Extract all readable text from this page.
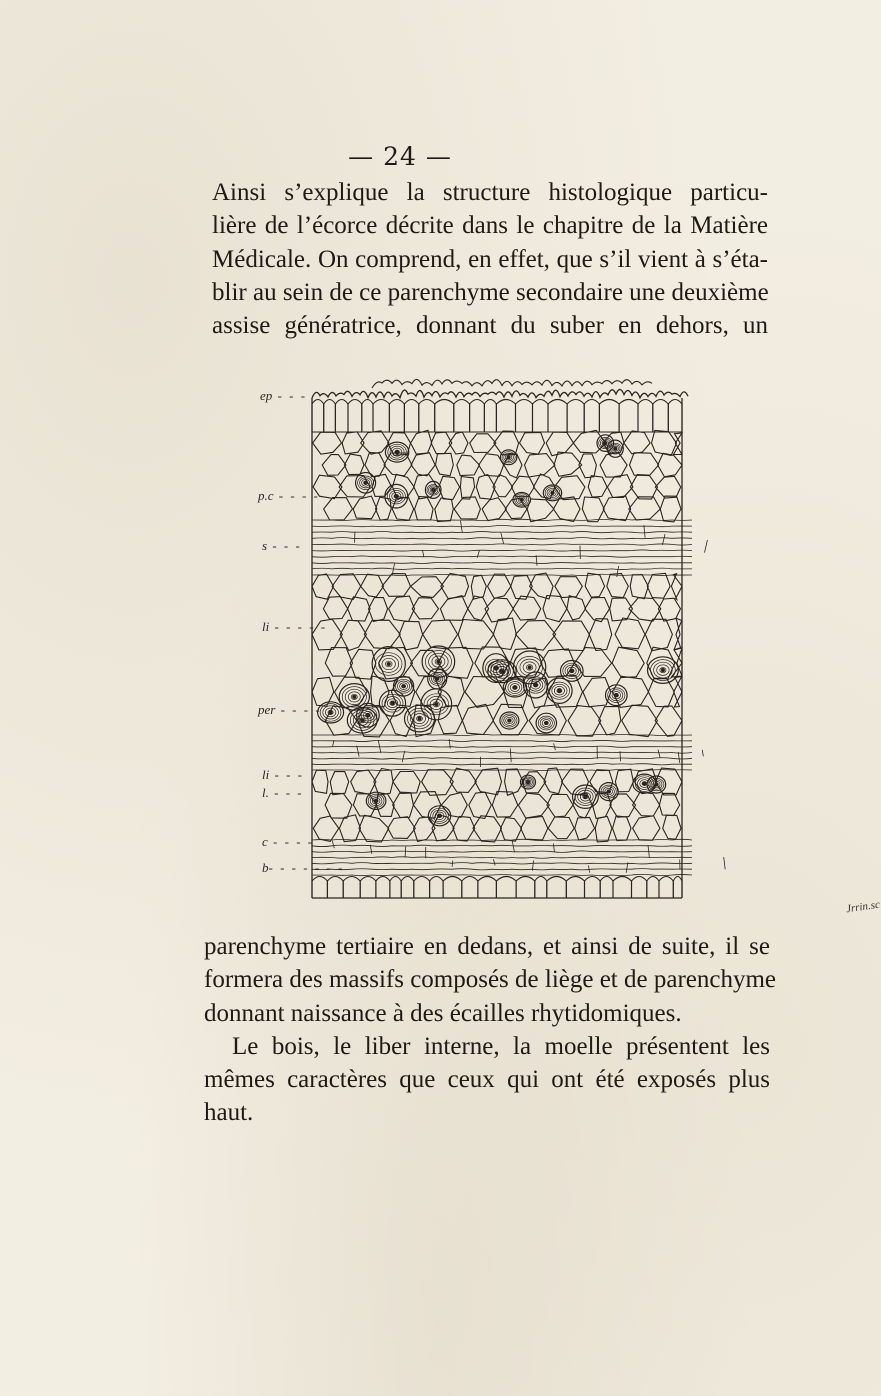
— 24 —
Ainsi s’explique la structure histologique particu-
lière de l’écorce décrite dans le chapitre de la Matière
Médicale. On comprend, en effet, que s’il vient à s’éta-
blir au sein de ce parenchyme secondaire une deuxième
assise génératrice, donnant du suber en dehors, un
ep - - -
p.c - - - -
s - - -
li - - - - -
per - - - -
li - - -
l. - - -
c - - - -
b- - - - - - -
Jrrin.sc
parenchyme tertiaire en dedans, et ainsi de suite, il se
formera des massifs composés de liège et de parenchyme
donnant naissance à des écailles rhytidomiques.
Le bois, le liber interne, la moelle présentent les
mêmes caractères que ceux qui ont été exposés plus
haut.
